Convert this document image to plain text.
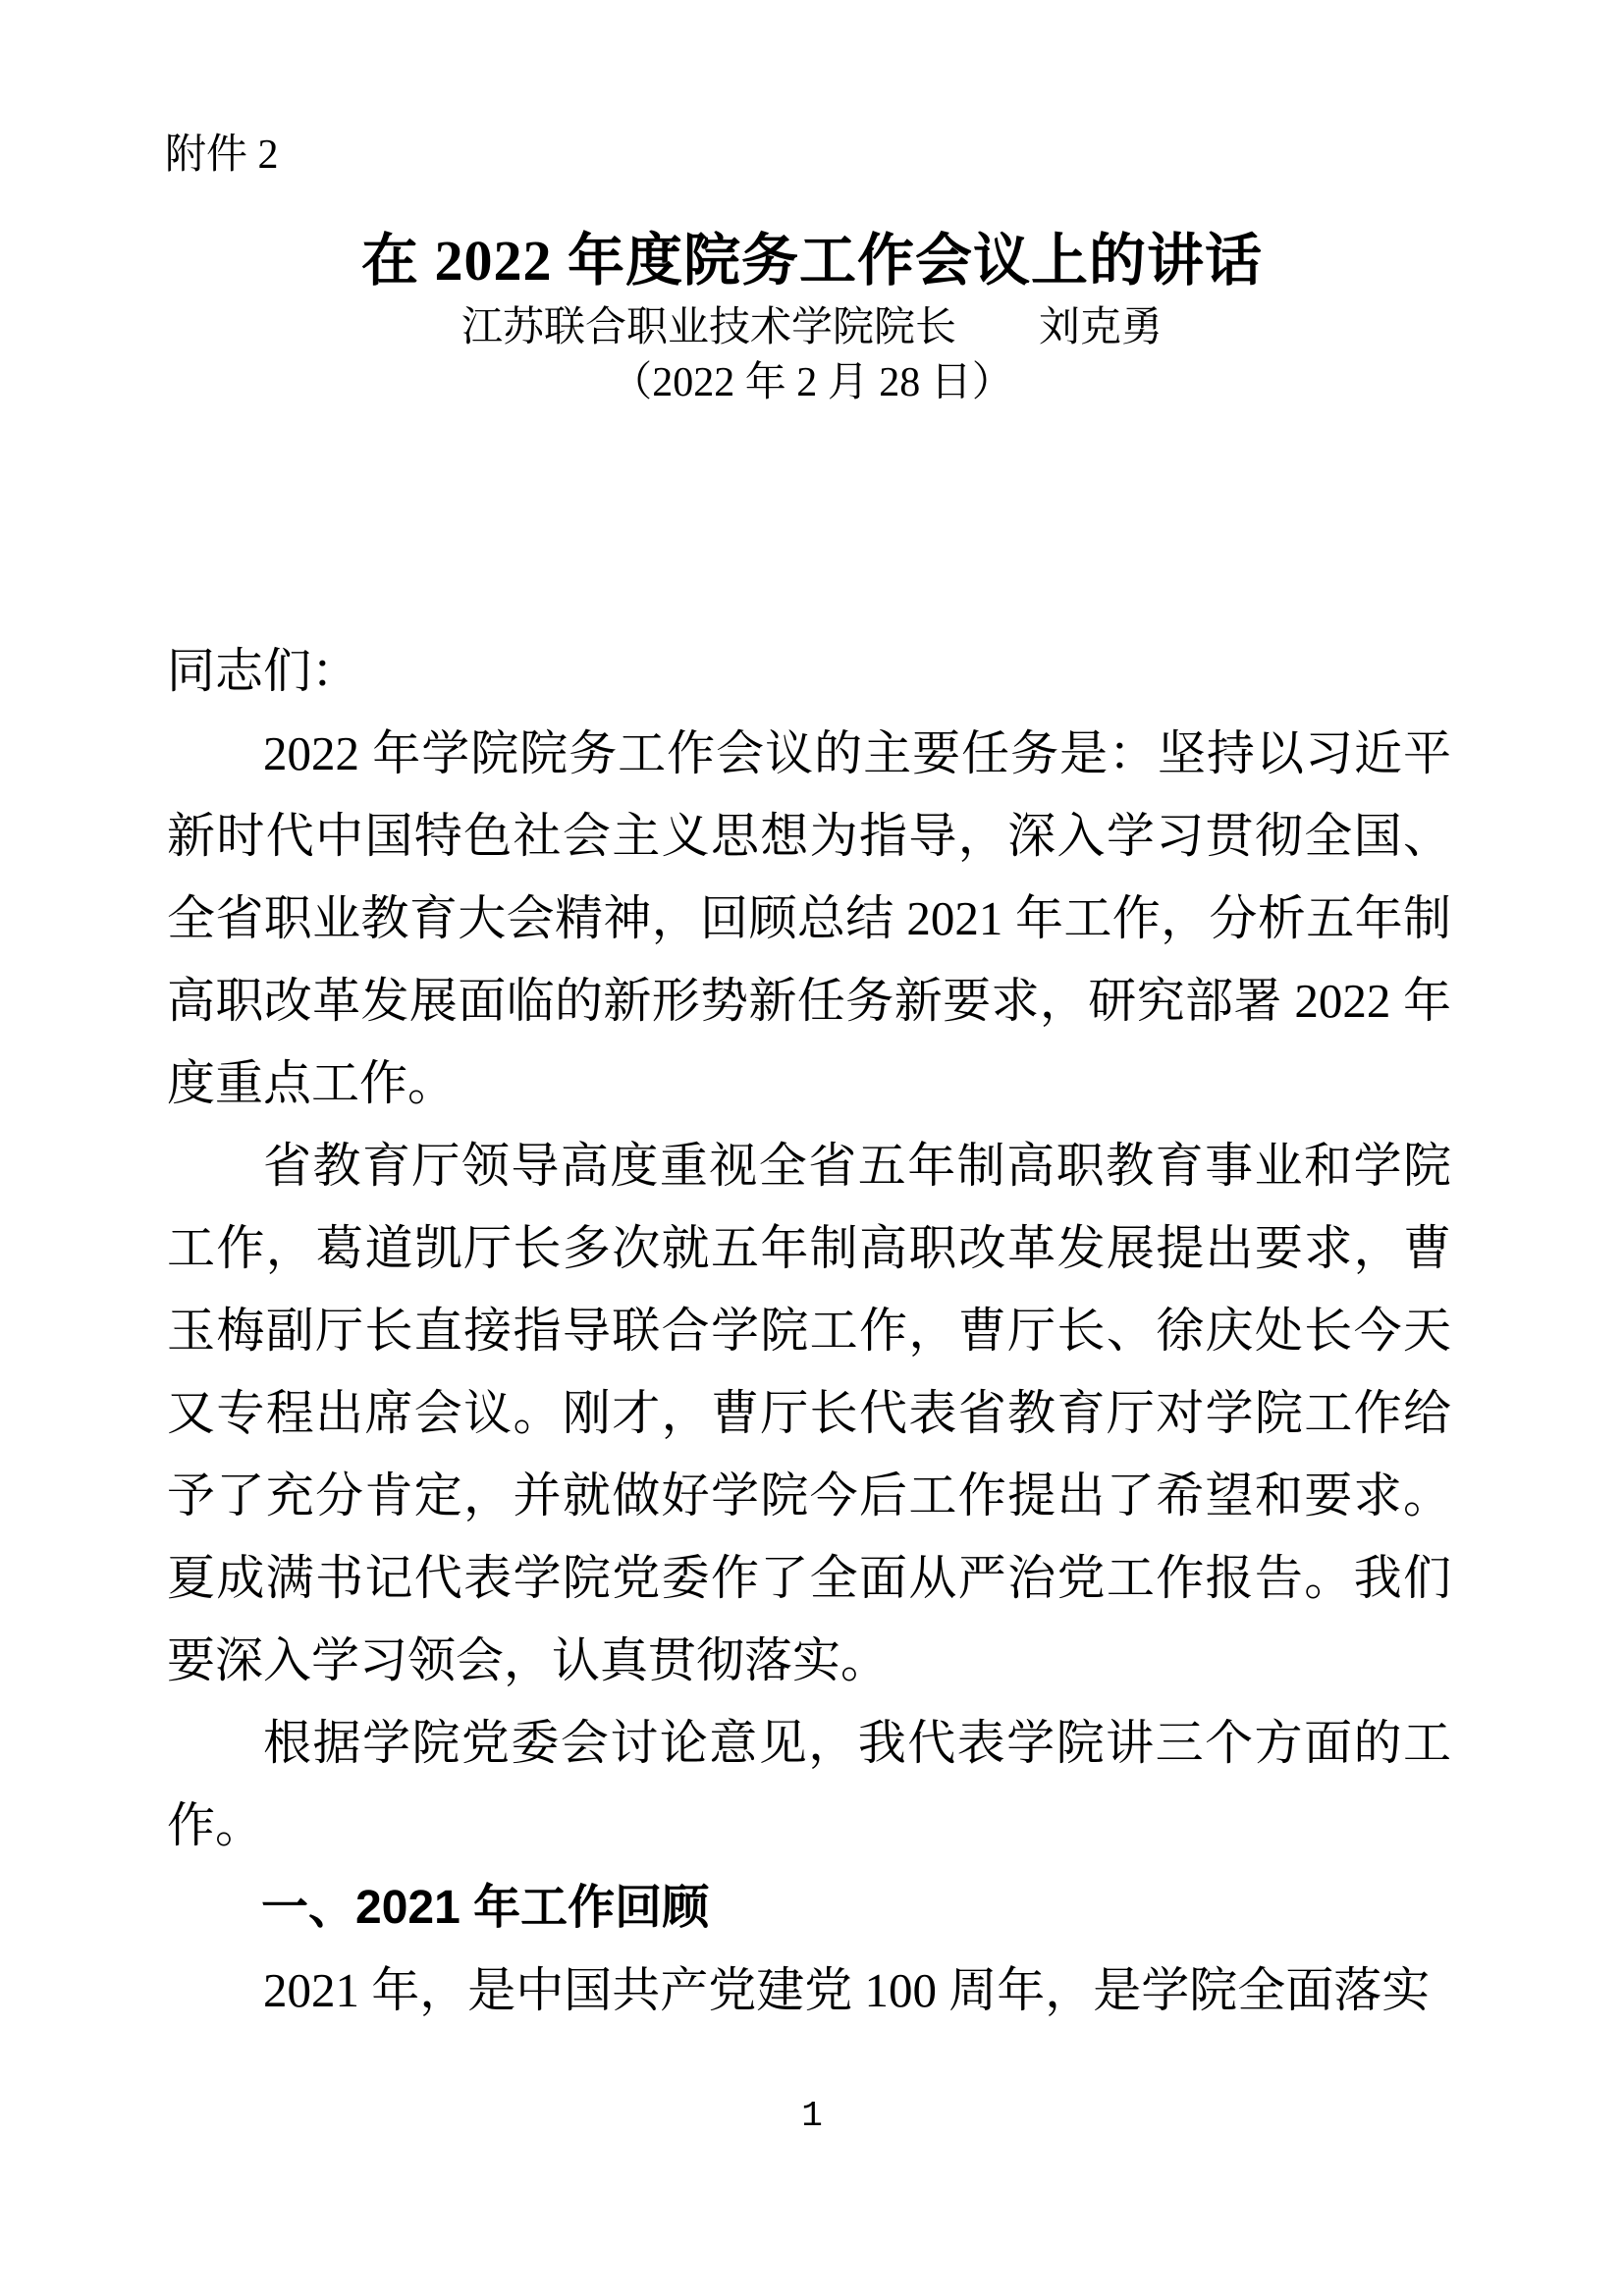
附件 2
在 2022 年度院务工作会议上的讲话
江苏联合职业技术学院院长　　刘克勇
（2022 年 2 月 28 日）
同志们：
2022 年学院院务工作会议的主要任务是：坚持以习近平新时代中国特色社会主义思想为指导，深入学习贯彻全国、全省职业教育大会精神，回顾总结 2021 年工作，分析五年制高职改革发展面临的新形势新任务新要求，研究部署 2022 年度重点工作。
省教育厅领导高度重视全省五年制高职教育事业和学院工作，葛道凯厅长多次就五年制高职改革发展提出要求，曹玉梅副厅长直接指导联合学院工作，曹厅长、徐庆处长今天又专程出席会议。刚才，曹厅长代表省教育厅对学院工作给予了充分肯定，并就做好学院今后工作提出了希望和要求。夏成满书记代表学院党委作了全面从严治党工作报告。我们要深入学习领会，认真贯彻落实。
根据学院党委会讨论意见，我代表学院讲三个方面的工作。
一、2021 年工作回顾
2021 年，是中国共产党建党 100 周年，是学院全面落实
1
